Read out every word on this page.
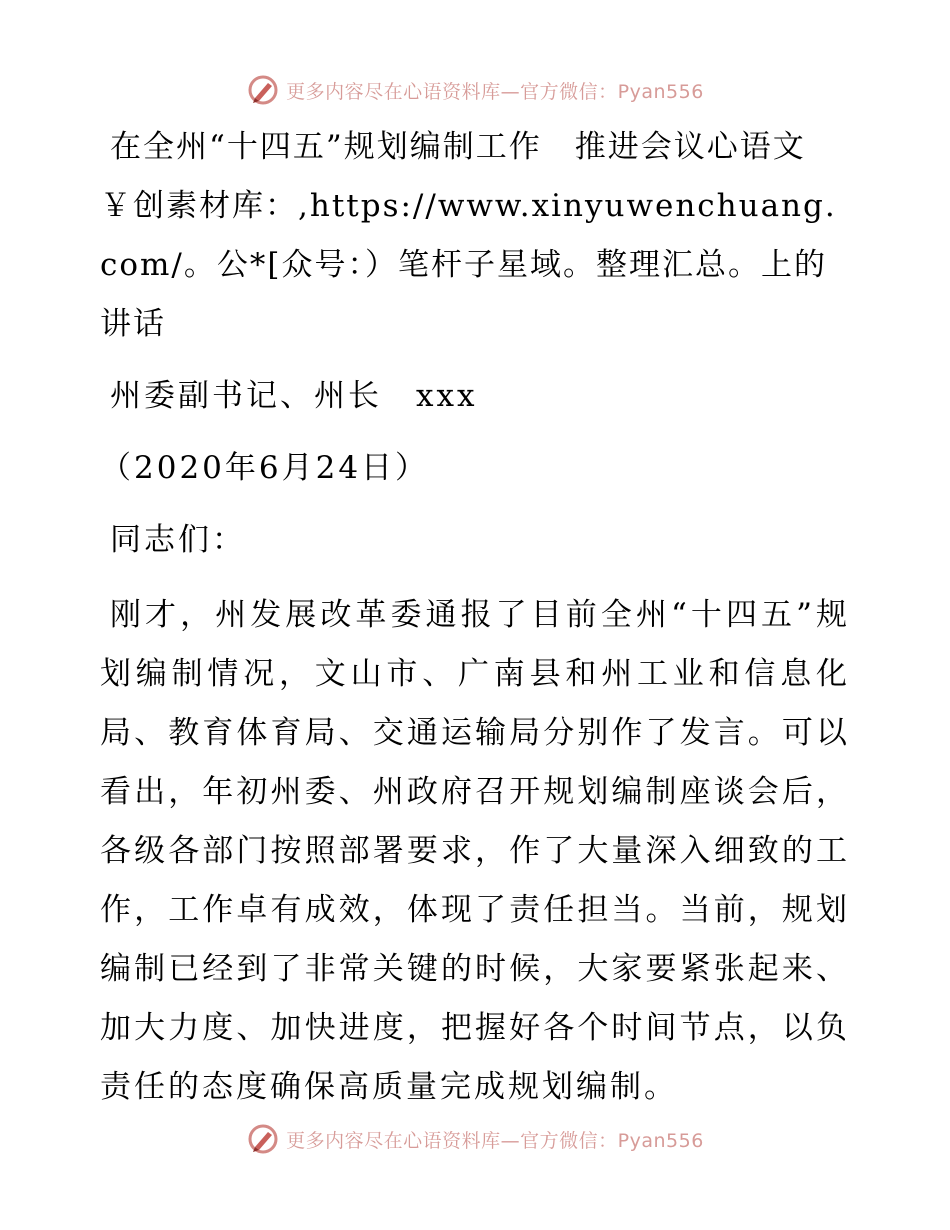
更多内容尽在心语资料库—官方微信：Pyan556

在全州“十四五”规划编制工作　推进会议心语文￥创素材库：,https://www.xinyuwenchuang.com/。公*[众号：）笔杆子星域。整理汇总。上的讲话

州委副书记、州长　xxx

（2020年6月24日）

同志们：

刚才，州发展改革委通报了目前全州“十四五”规划编制情况，文山市、广南县和州工业和信息化局、教育体育局、交通运输局分别作了发言。可以看出，年初州委、州政府召开规划编制座谈会后，各级各部门按照部署要求，作了大量深入细致的工作，工作卓有成效，体现了责任担当。当前，规划编制已经到了非常关键的时候，大家要紧张起来、加大力度、加快进度，把握好各个时间节点，以负责任的态度确保高质量完成规划编制。

更多内容尽在心语资料库—官方微信：Pyan556
